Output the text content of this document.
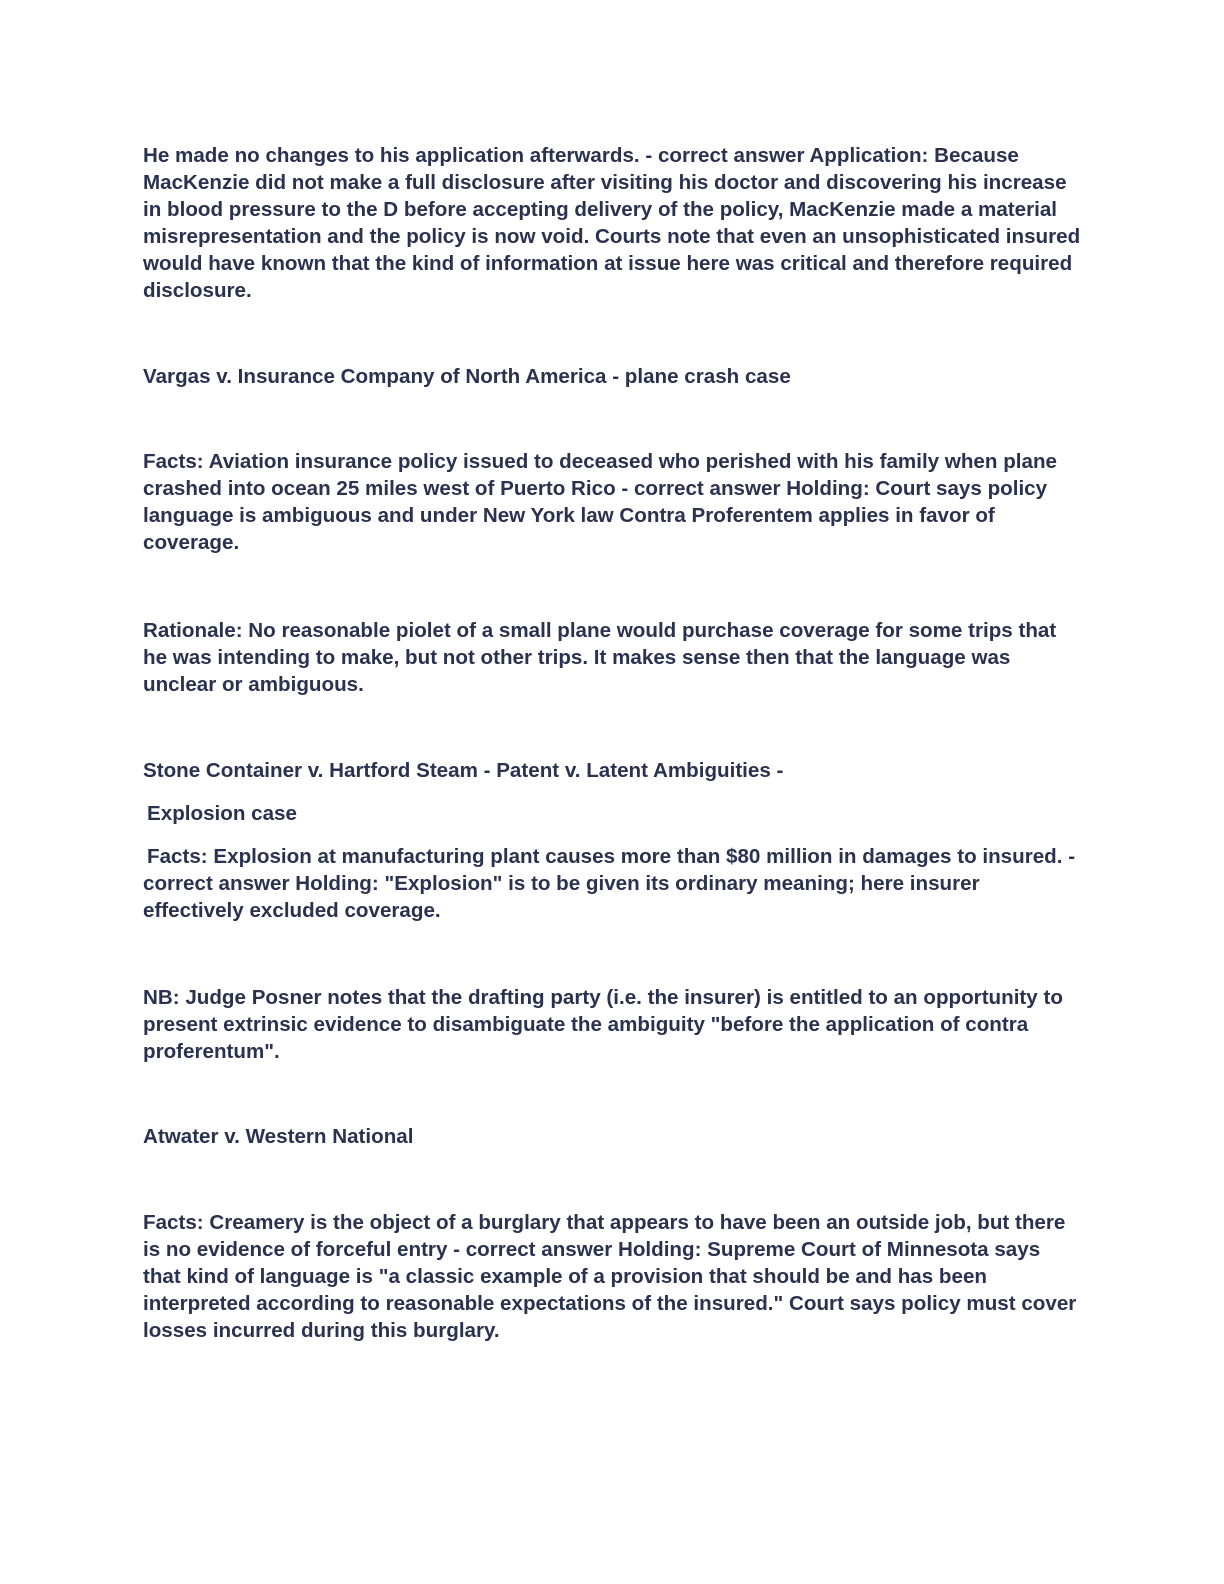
He made no changes to his application afterwards. - correct answer Application: Because MacKenzie did not make a full disclosure after visiting his doctor and discovering his increase in blood pressure to the D before accepting delivery of the policy, MacKenzie made a material misrepresentation and the policy is now void. Courts note that even an unsophisticated insured would have known that the kind of information at issue here was critical and therefore required disclosure.

Vargas v. Insurance Company of North America - plane crash case

Facts: Aviation insurance policy issued to deceased who perished with his family when plane crashed into ocean 25 miles west of Puerto Rico - correct answer Holding: Court says policy language is ambiguous and under New York law Contra Proferentem applies in favor of coverage.

Rationale: No reasonable piolet of a small plane would purchase coverage for some trips that he was intending to make, but not other trips. It makes sense then that the language was unclear or ambiguous.

Stone Container v. Hartford Steam - Patent v. Latent Ambiguities -

Explosion case

Facts: Explosion at manufacturing plant causes more than $80 million in damages to insured. - correct answer Holding: "Explosion" is to be given its ordinary meaning; here insurer effectively excluded coverage.

NB: Judge Posner notes that the drafting party (i.e. the insurer) is entitled to an opportunity to present extrinsic evidence to disambiguate the ambiguity "before the application of contra proferentum".

Atwater v. Western National

Facts: Creamery is the object of a burglary that appears to have been an outside job, but there is no evidence of forceful entry - correct answer Holding: Supreme Court of Minnesota says that kind of language is "a classic example of a provision that should be and has been interpreted according to reasonable expectations of the insured." Court says policy must cover losses incurred during this burglary.
